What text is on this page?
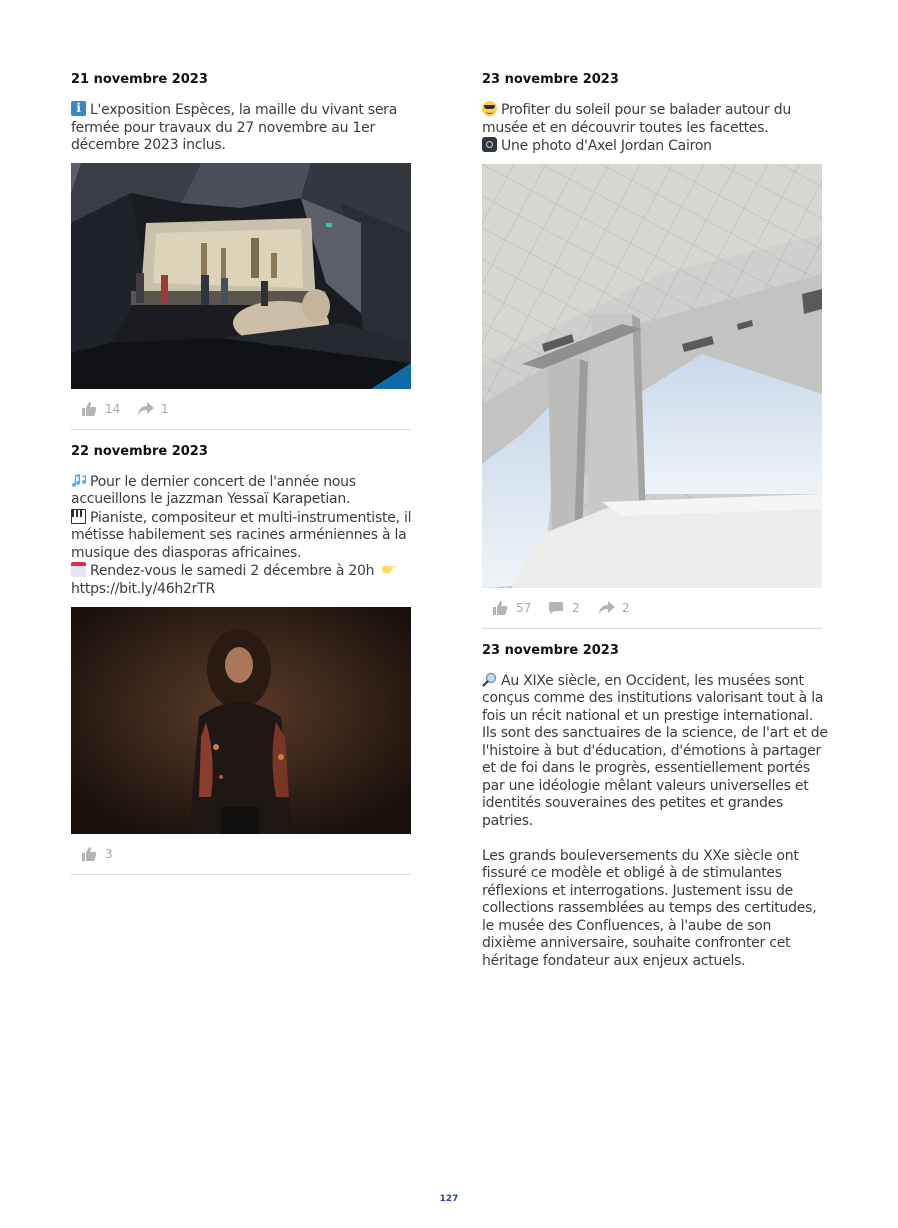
21 novembre 2023
iL'exposition Espèces, la maille du vivant sera
fermée pour travaux du 27 novembre au 1er
décembre 2023 inclus.
14	1
22 novembre 2023
Pour le dernier concert de l'année nous
accueillons le jazzman Yessaï Karapetian.
Pianiste, compositeur et multi-instrumentiste, il
métisse habilement ses racines arméniennes à la
musique des diasporas africaines.
Rendez-vous le samedi 2 décembre à 20h
https://bit.ly/46h2rTR
3
23 novembre 2023
Profiter du soleil pour se balader autour du
musée et en découvrir toutes les facettes.
Une photo d'Axel Jordan Cairon
57	2	2
23 novembre 2023
Au XIXe siècle, en Occident, les musées sont
conçus comme des institutions valorisant tout à la
fois un récit national et un prestige international.
Ils sont des sanctuaires de la science, de l'art et de
l'histoire à but d'éducation, d'émotions à partager
et de foi dans le progrès, essentiellement portés
par une idéologie mêlant valeurs universelles et
identités souveraines des petites et grandes
patries.
Les grands bouleversements du XXe siècle ont
fissuré ce modèle et obligé à de stimulantes
réflexions et interrogations. Justement issu de
collections rassemblées au temps des certitudes,
le musée des Confluences, à l'aube de son
dixième anniversaire, souhaite confronter cet
héritage fondateur aux enjeux actuels.
127
